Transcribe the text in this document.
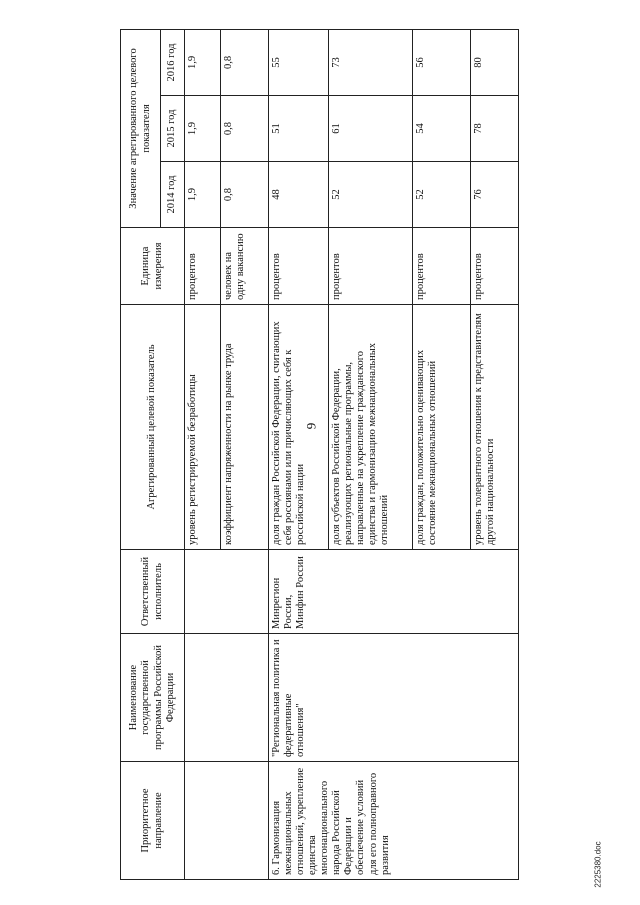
9
Приоритетное направление	Наименование государственной программы Российской Федерации	Ответственный исполнитель	Агрегированный целевой показатель	Единица измерения	Значение агрегированного целевого показателя		
					2014 год	2015 год	2016 год
			уровень регистрируемой безработицы	процентов	1,9	1,9	1,9
			коэффициент напряженности на рынке труда	человек на одну вакансию	0,8	0,8	0,8
6. Гармонизация межнациональных отношений, укрепление единства многонационального народа Российской Федерации и обеспечение условий для его полноправного развития	"Региональная политика и федеративные отношения"	Минрегион России, Минфин России	доля граждан Российской Федерации, считающих себя россиянами или причисляющих себя к российской нации	процентов	48	51	55
			доля субъектов Российской Федерации, реализующих региональные программы, направленные на укрепление гражданского единства и гармонизацию межнациональных отношений	процентов	52	61	73
			доля граждан, положительно оценивающих состояние межнациональных отношений	процентов	52	54	56
			уровень толерантного отношения к представителям другой национальности	процентов	76	78	80
2225380.doc
